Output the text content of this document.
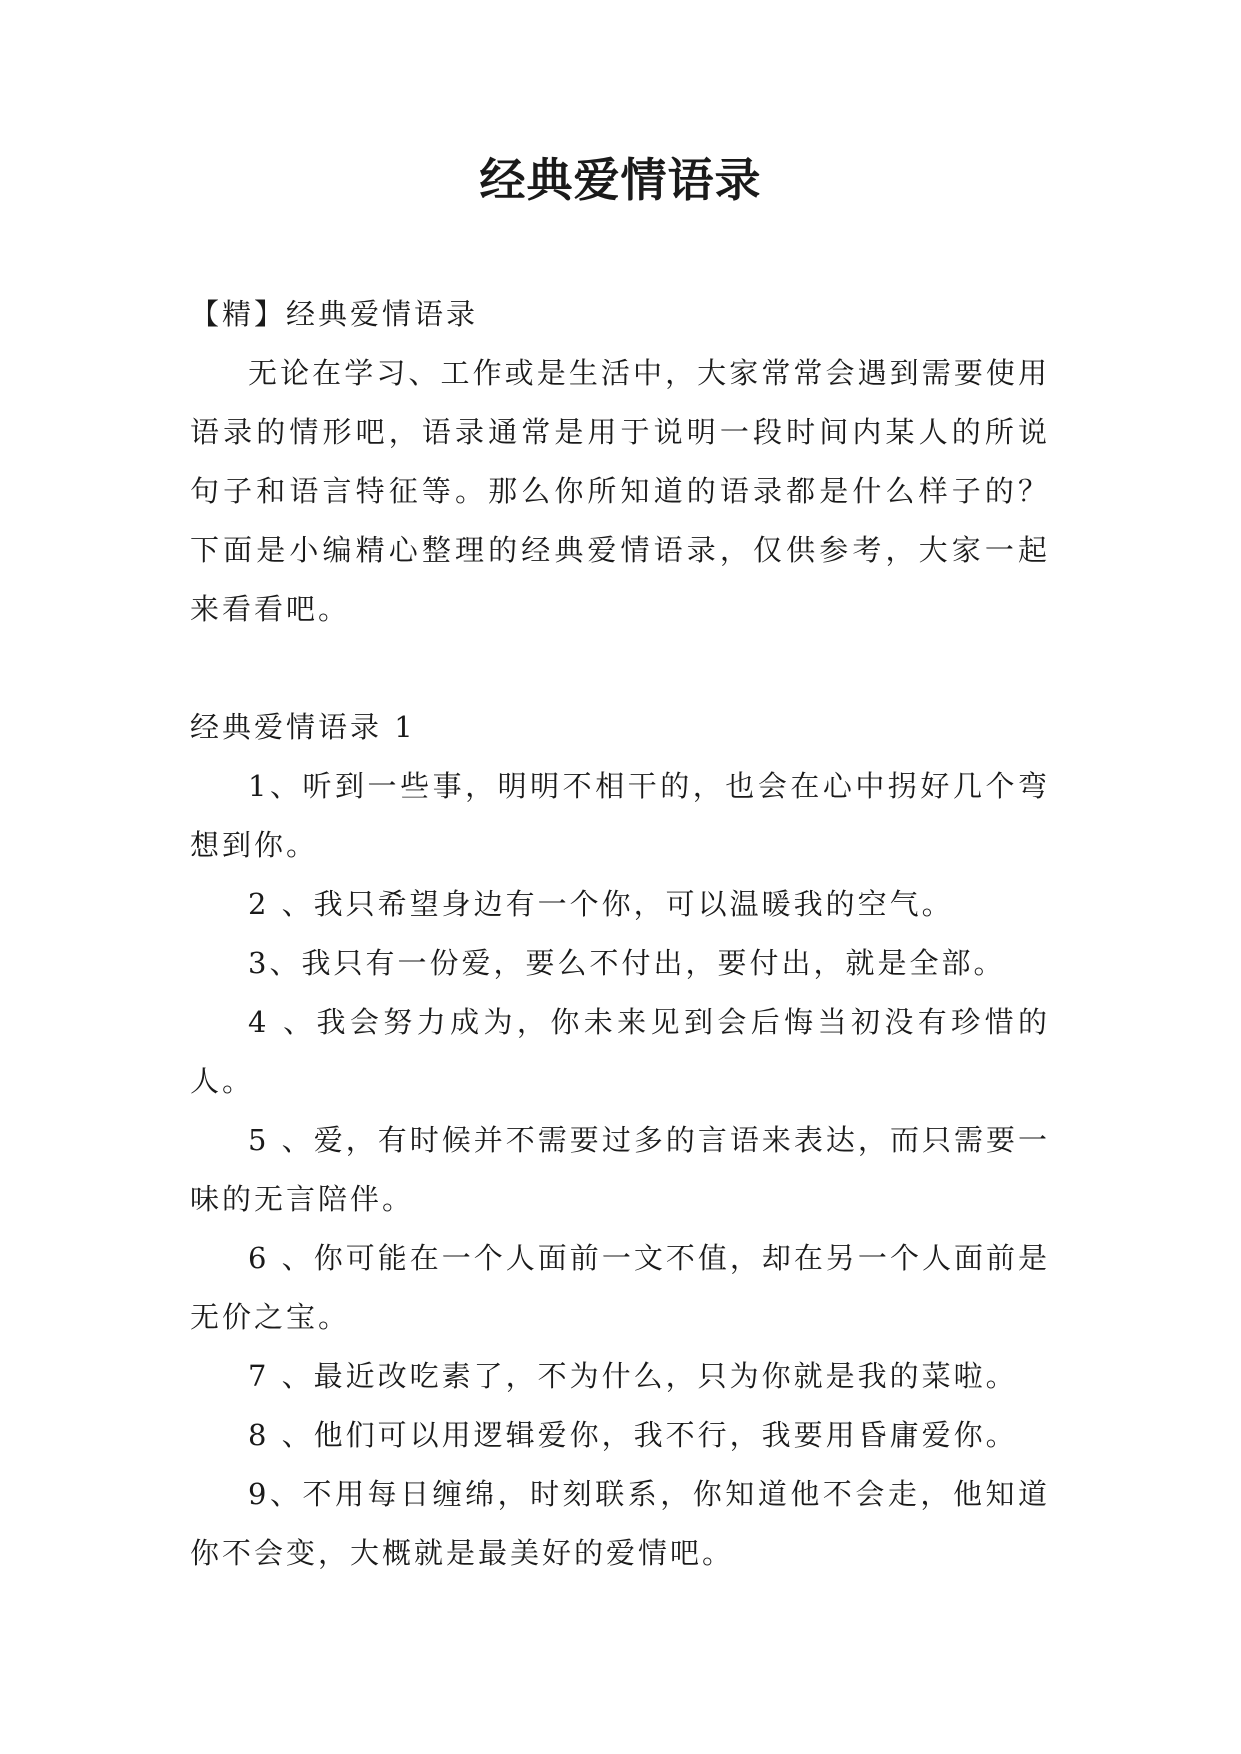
经典爱情语录

【精】经典爱情语录

无论在学习、工作或是生活中，大家常常会遇到需要使用语录的情形吧，语录通常是用于说明一段时间内某人的所说句子和语言特征等。那么你所知道的语录都是什么样子的？下面是小编精心整理的经典爱情语录，仅供参考，大家一起来看看吧。

经典爱情语录 1

1、听到一些事，明明不相干的，也会在心中拐好几个弯想到你。

2 、我只希望身边有一个你，可以温暖我的空气。

3、我只有一份爱，要么不付出，要付出，就是全部。

4 、我会努力成为，你未来见到会后悔当初没有珍惜的人。

5 、爱，有时候并不需要过多的言语来表达，而只需要一味的无言陪伴。

6 、你可能在一个人面前一文不值，却在另一个人面前是无价之宝。

7 、最近改吃素了，不为什么，只为你就是我的菜啦。

8 、他们可以用逻辑爱你，我不行，我要用昏庸爱你。

9、不用每日缠绵，时刻联系，你知道他不会走，他知道你不会变，大概就是最美好的爱情吧。
